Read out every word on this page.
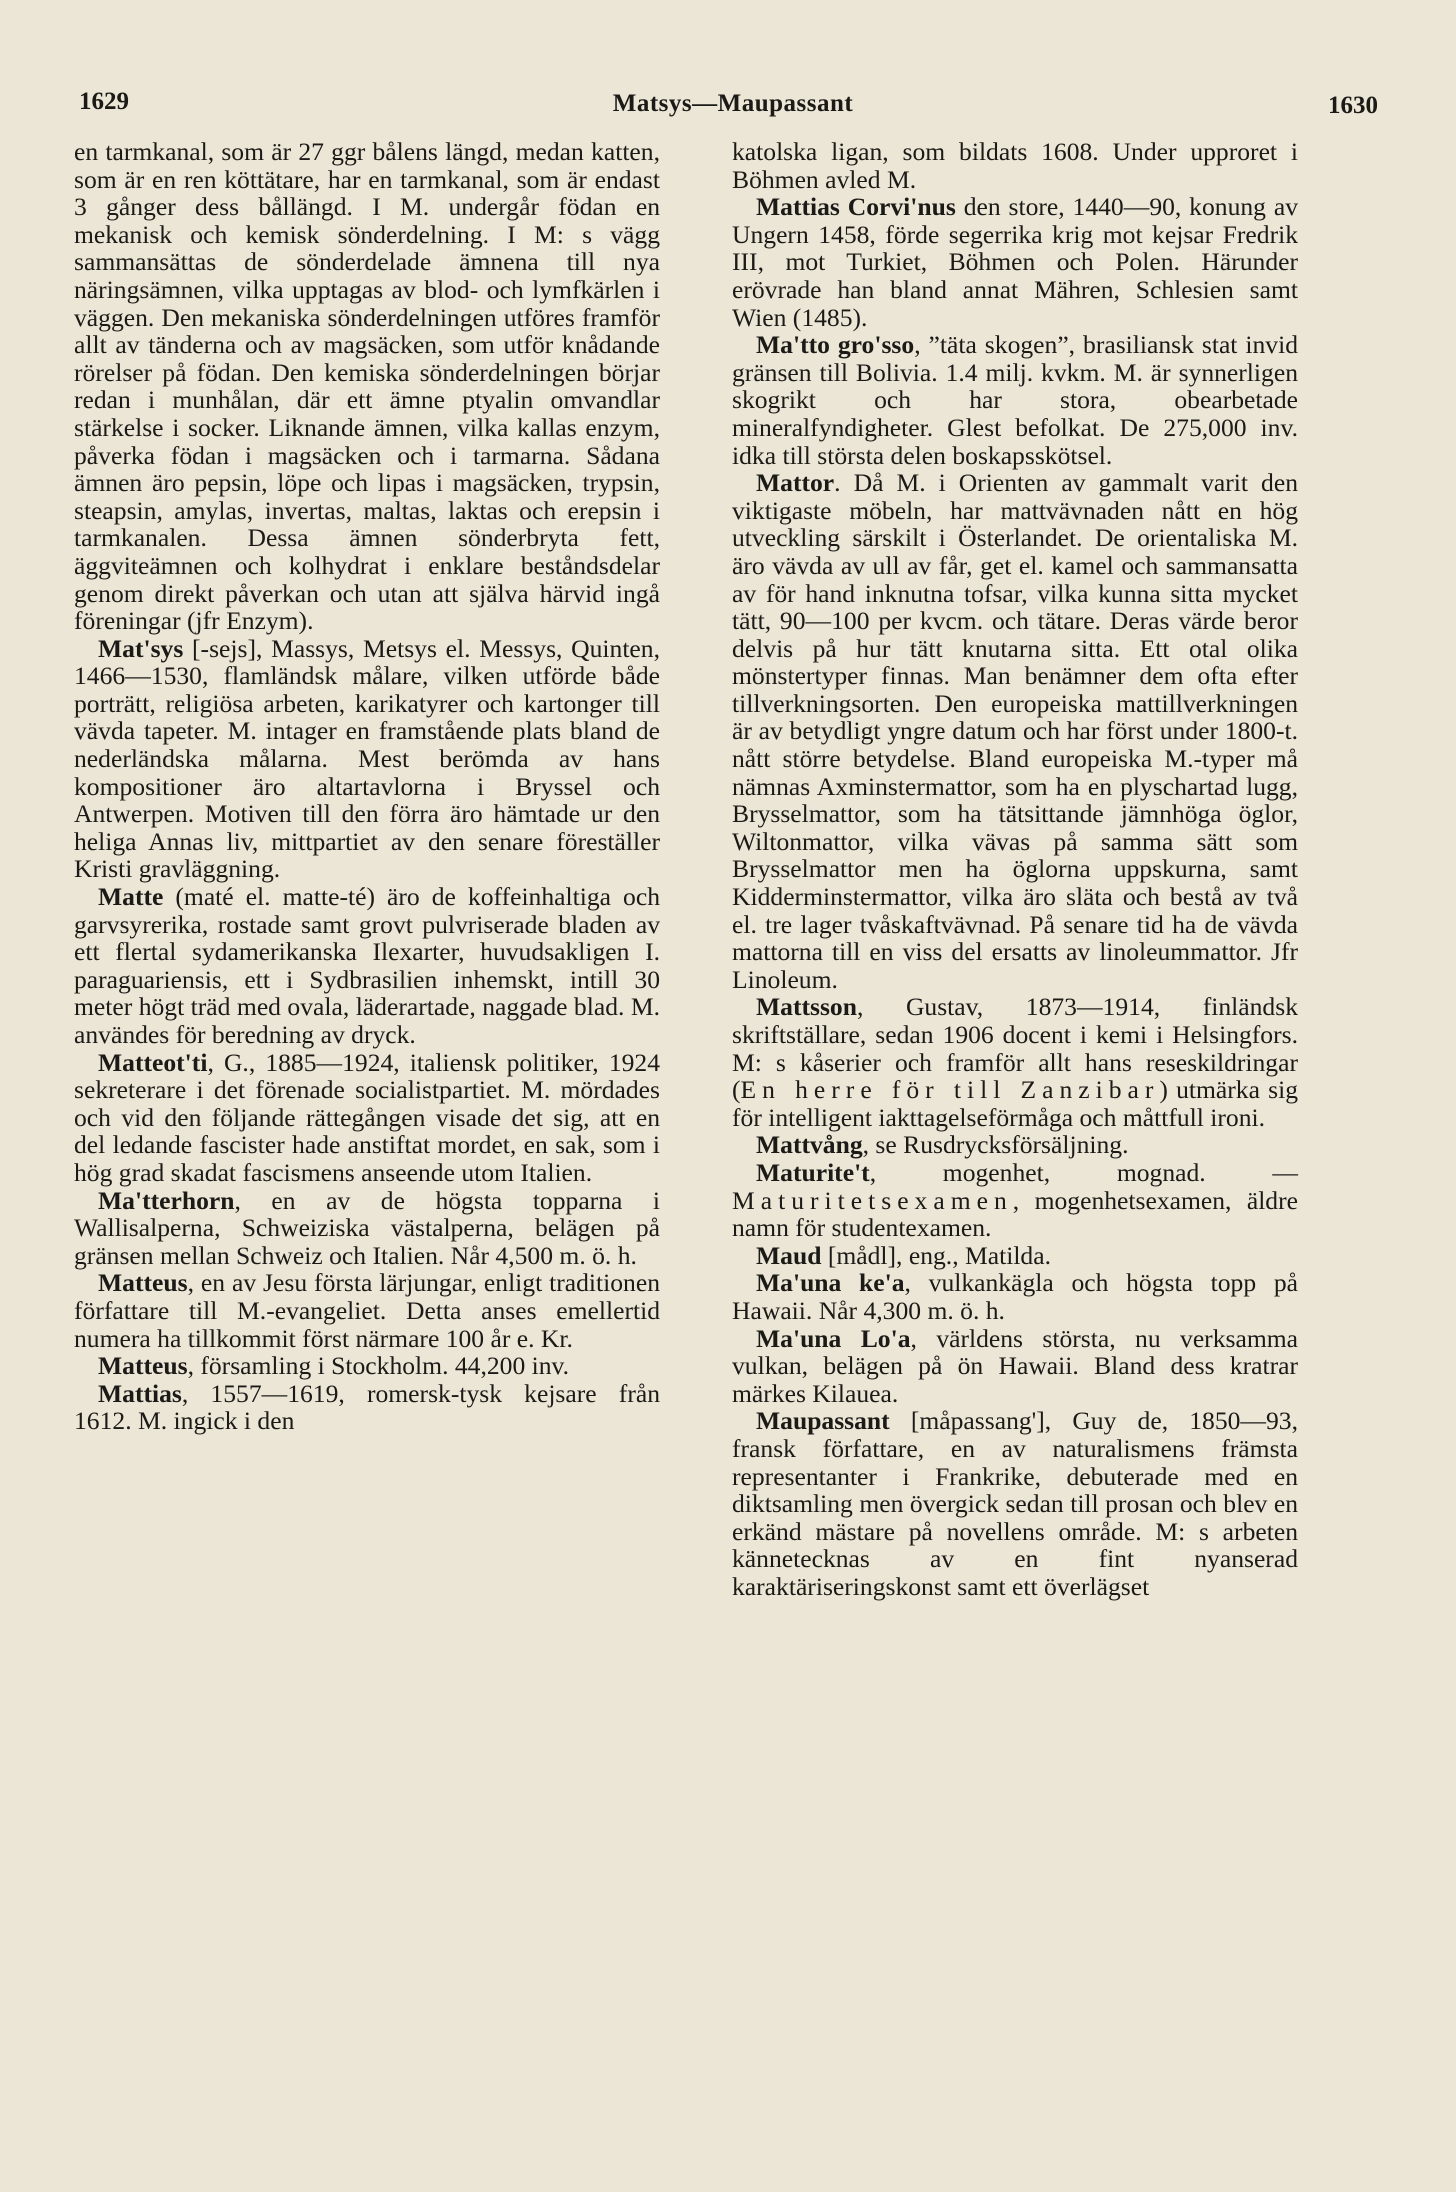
1629	Matsys—Maupassant	1630

en tarmkanal, som är 27 ggr bålens längd, medan katten, som är en ren köttätare, har en tarmkanal, som är endast 3 gånger dess bållängd. I M. undergår födan en mekanisk och kemisk sönderdelning. I M: s vägg sammansättas de sönderdelade ämnena till nya näringsämnen, vilka upptagas av blod- och lymfkärlen i väggen. Den mekaniska sönderdelningen utföres framför allt av tänderna och av magsäcken, som utför knådande rörelser på födan. Den kemiska sönderdelningen börjar redan i munhålan, där ett ämne ptyalin omvandlar stärkelse i socker. Liknande ämnen, vilka kallas enzym, påverka födan i magsäcken och i tarmarna. Sådana ämnen äro pepsin, löpe och lipas i magsäcken, trypsin, steapsin, amylas, invertas, maltas, laktas och erepsin i tarmkanalen. Dessa ämnen sönderbryta fett, äggviteämnen och kolhydrat i enklare beståndsdelar genom direkt påverkan och utan att själva härvid ingå föreningar (jfr Enzym).

Mat'sys [-sejs], Massys, Metsys el. Messys, Quinten, 1466—1530, flamländsk målare, vilken utförde både porträtt, religiösa arbeten, karikatyrer och kartonger till vävda tapeter. M. intager en framstående plats bland de nederländska målarna. Mest berömda av hans kompositioner äro altartavlorna i Bryssel och Antwerpen. Motiven till den förra äro hämtade ur den heliga Annas liv, mittpartiet av den senare föreställer Kristi gravläggning.

Matte (maté el. matte-té) äro de koffeinhaltiga och garvsyrerika, rostade samt grovt pulvriserade bladen av ett flertal sydamerikanska Ilexarter, huvudsakligen I. paraguariensis, ett i Sydbrasilien inhemskt, intill 30 meter högt träd med ovala, läderartade, naggade blad. M. användes för beredning av dryck.

Matteot'ti, G., 1885—1924, italiensk politiker, 1924 sekreterare i det förenade socialistpartiet. M. mördades och vid den följande rättegången visade det sig, att en del ledande fascister hade anstiftat mordet, en sak, som i hög grad skadat fascismens anseende utom Italien.

Ma'tterhorn, en av de högsta topparna i Wallisalperna, Schweiziska västalperna, belägen på gränsen mellan Schweiz och Italien. Når 4,500 m. ö. h.

Matteus, en av Jesu första lärjungar, enligt traditionen författare till M.-evangeliet. Detta anses emellertid numera ha tillkommit först närmare 100 år e. Kr.

Matteus, församling i Stockholm. 44,200 inv.

Mattias, 1557—1619, romersk-tysk kejsare från 1612. M. ingick i den

katolska ligan, som bildats 1608. Under upproret i Böhmen avled M.

Mattias Corvi'nus den store, 1440—90, konung av Ungern 1458, förde segerrika krig mot kejsar Fredrik III, mot Turkiet, Böhmen och Polen. Härunder erövrade han bland annat Mähren, Schlesien samt Wien (1485).

Ma'tto gro'sso, ”täta skogen”, brasiliansk stat invid gränsen till Bolivia. 1.4 milj. kvkm. M. är synnerligen skogrikt och har stora, obearbetade mineralfyndigheter. Glest befolkat. De 275,000 inv. idka till största delen boskapsskötsel.

Mattor. Då M. i Orienten av gammalt varit den viktigaste möbeln, har mattvävnaden nått en hög utveckling särskilt i Österlandet. De orientaliska M. äro vävda av ull av får, get el. kamel och sammansatta av för hand inknutna tofsar, vilka kunna sitta mycket tätt, 90—100 per kvcm. och tätare. Deras värde beror delvis på hur tätt knutarna sitta. Ett otal olika mönstertyper finnas. Man benämner dem ofta efter tillverkningsorten. Den europeiska mattillverkningen är av betydligt yngre datum och har först under 1800-t. nått större betydelse. Bland europeiska M.-typer må nämnas Axminstermattor, som ha en plyschartad lugg, Brysselmattor, som ha tätsittande jämnhöga öglor, Wiltonmattor, vilka vävas på samma sätt som Brysselmattor men ha öglorna uppskurna, samt Kidderminstermattor, vilka äro släta och bestå av två el. tre lager tvåskaftvävnad. På senare tid ha de vävda mattorna till en viss del ersatts av linoleummattor. Jfr Linoleum.

Mattsson, Gustav, 1873—1914, finländsk skriftställare, sedan 1906 docent i kemi i Helsingfors. M: s kåserier och framför allt hans reseskildringar (En herre för till Zanzibar) utmärka sig för intelligent iakttagelseförmåga och måttfull ironi.

Mattvång, se Rusdrycksförsäljning.

Maturite't, mogenhet, mognad. — Maturitetsexamen, mogenhetsexamen, äldre namn för studentexamen.

Maud [mådl], eng., Matilda.

Ma'una ke'a, vulkankägla och högsta topp på Hawaii. Når 4,300 m. ö. h.

Ma'una Lo'a, världens största, nu verksamma vulkan, belägen på ön Hawaii. Bland dess kratrar märkes Kilauea.

Maupassant [måpassang'], Guy de, 1850—93, fransk författare, en av naturalismens främsta representanter i Frankrike, debuterade med en diktsamling men övergick sedan till prosan och blev en erkänd mästare på novellens område. M: s arbeten kännetecknas av en fint nyanserad karaktäriseringskonst samt ett överlägset
